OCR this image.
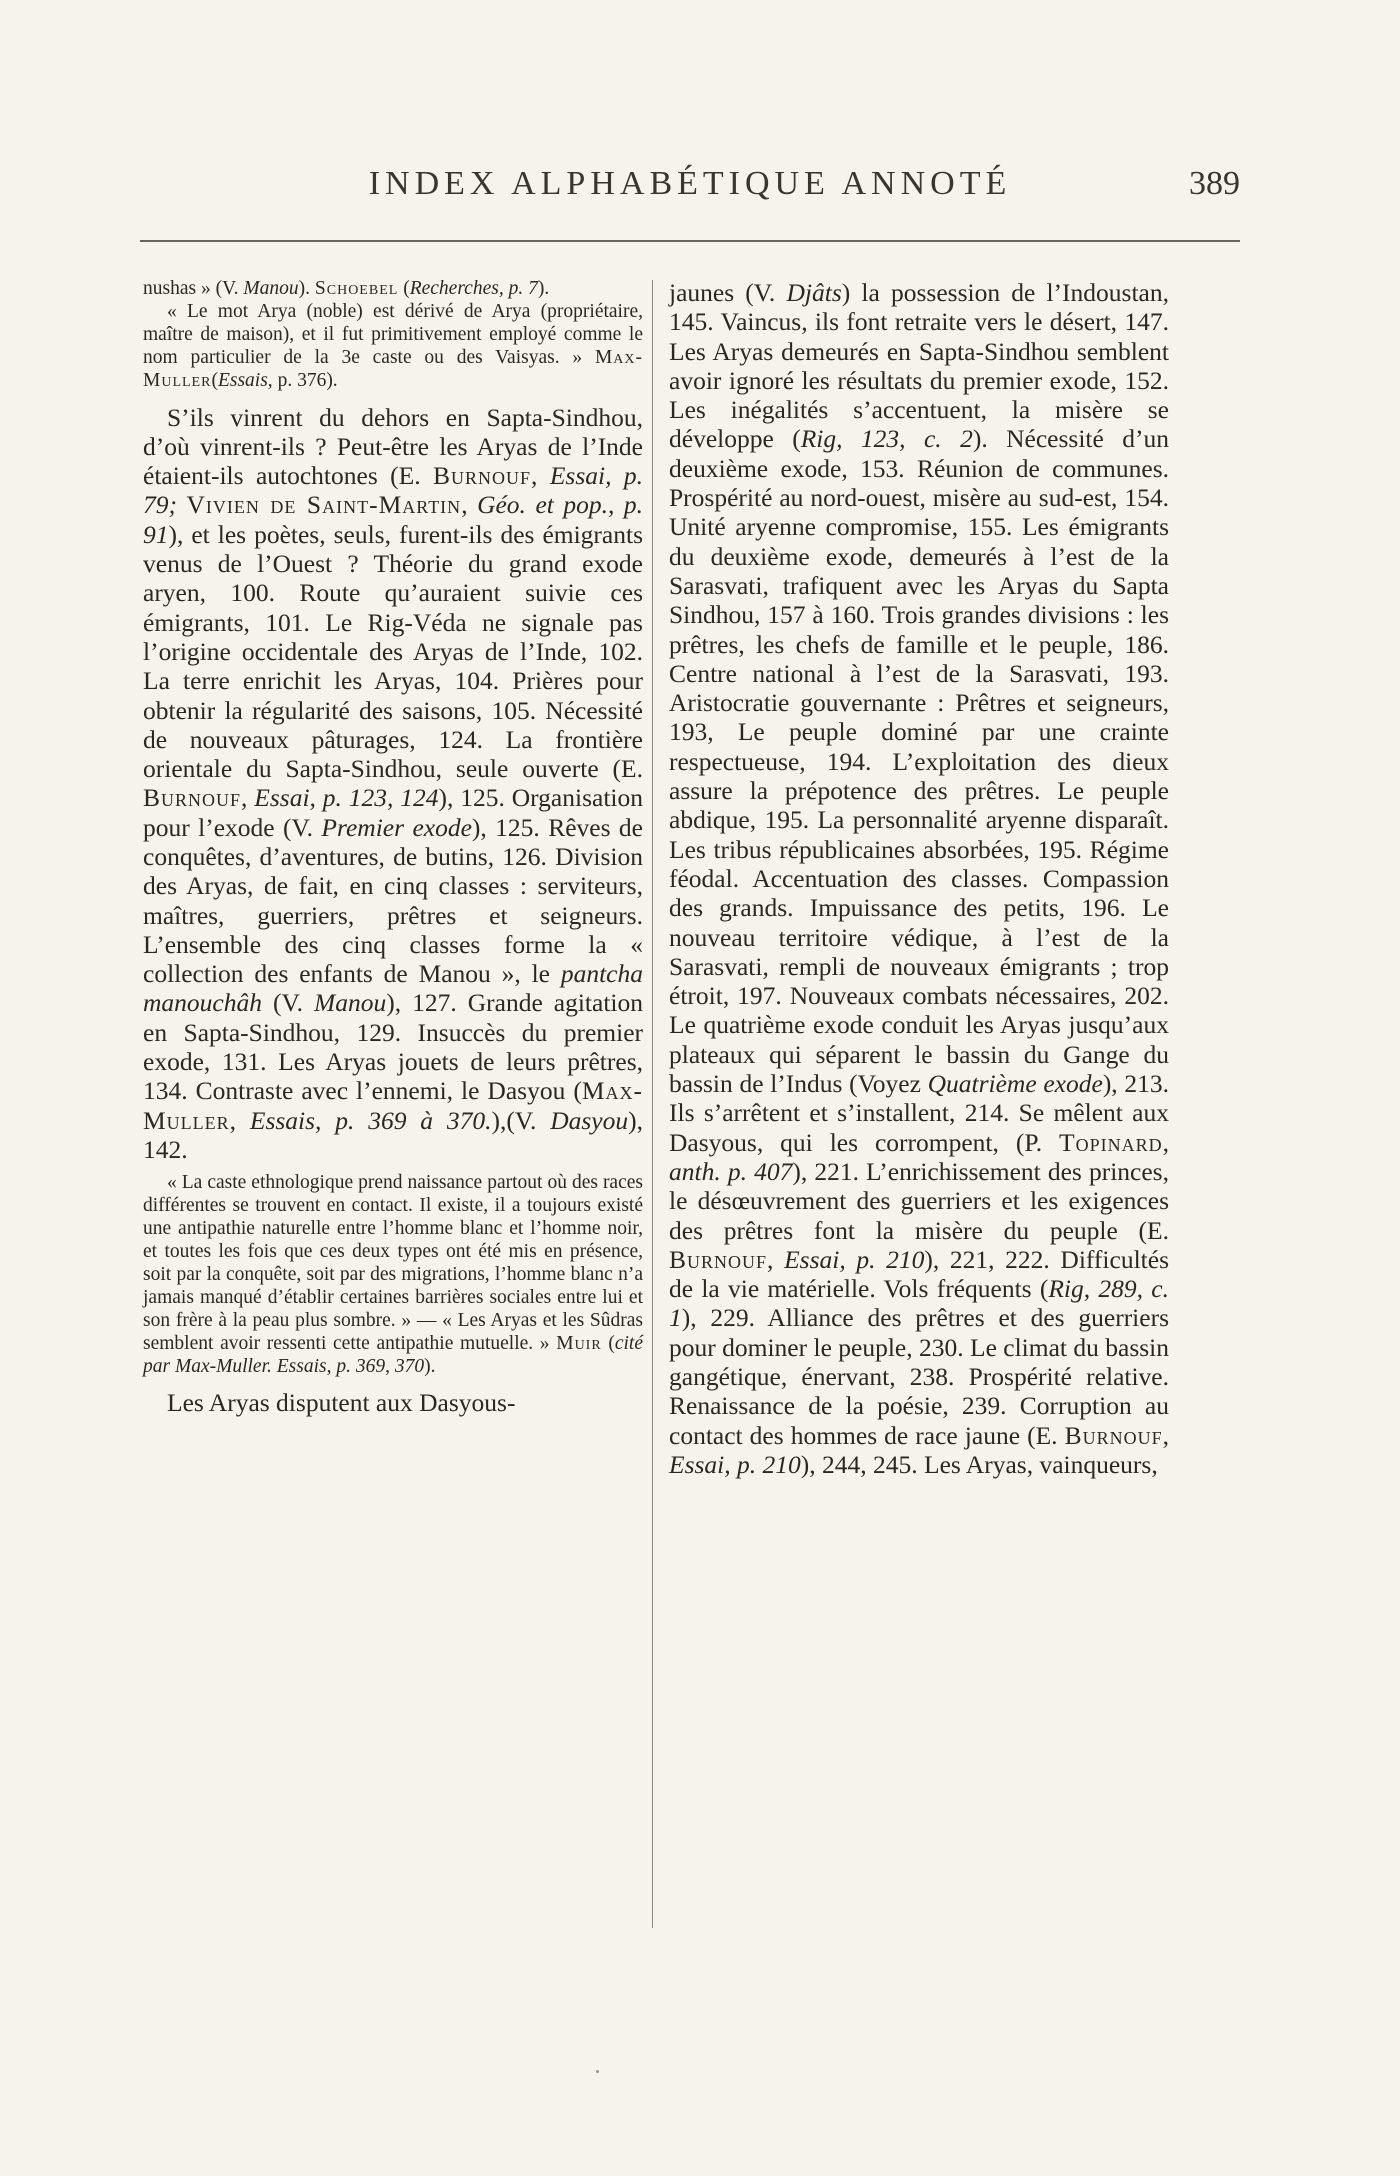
INDEX ALPHABÉTIQUE ANNOTÉ	389

nushas » (V. Manou). Schoebel (Recherches, p. 7).
« Le mot Arya (noble) est dérivé de Arya (propriétaire, maître de maison), et il fut primitivement employé comme le nom particulier de la 3e caste ou des Vaisyas. » Max-Muller(Essais, p. 376).

S’ils vinrent du dehors en Sapta-Sindhou, d’où vinrent-ils ? Peut-être les Aryas de l’Inde étaient-ils autochtones (E. Burnouf, Essai, p. 79; Vivien de Saint-Martin, Géo. et pop., p. 91), et les poètes, seuls, furent-ils des émigrants venus de l’Ouest ? Théorie du grand exode aryen, 100. Route qu’auraient suivie ces émigrants, 101. Le Rig-Véda ne signale pas l’origine occidentale des Aryas de l’Inde, 102. La terre enrichit les Aryas, 104. Prières pour obtenir la régularité des saisons, 105. Nécessité de nouveaux pâturages, 124. La frontière orientale du Sapta-Sindhou, seule ouverte (E. Burnouf, Essai, p. 123, 124), 125. Organisation pour l’exode (V. Premier exode), 125. Rêves de conquêtes, d’aventures, de butins, 126. Division des Aryas, de fait, en cinq classes : serviteurs, maîtres, guerriers, prêtres et seigneurs. L’ensemble des cinq classes forme la « collection des enfants de Manou », le pantcha manouchâh (V. Manou), 127. Grande agitation en Sapta-Sindhou, 129. Insuccès du premier exode, 131. Les Aryas jouets de leurs prêtres, 134. Contraste avec l’ennemi, le Dasyou (Max-Muller, Essais, p. 369 à 370.),(V. Dasyou), 142.

« La caste ethnologique prend naissance partout où des races différentes se trouvent en contact. Il existe, il a toujours existé une antipathie naturelle entre l’homme blanc et l’homme noir, et toutes les fois que ces deux types ont été mis en présence, soit par la conquête, soit par des migrations, l’homme blanc n’a jamais manqué d’établir certaines barrières sociales entre lui et son frère à la peau plus sombre. » — « Les Aryas et les Sûdras semblent avoir ressenti cette antipathie mutuelle. » Muir (cité par Max-Muller. Essais, p. 369, 370).

Les Aryas disputent aux Dasyous-

jaunes (V. Djâts) la possession de l’Indoustan, 145. Vaincus, ils font retraite vers le désert, 147. Les Aryas demeurés en Sapta-Sindhou semblent avoir ignoré les résultats du premier exode, 152. Les inégalités s’accentuent, la misère se développe (Rig, 123, c. 2). Nécessité d’un deuxième exode, 153. Réunion de communes. Prospérité au nord-ouest, misère au sud-est, 154. Unité aryenne compromise, 155. Les émigrants du deuxième exode, demeurés à l’est de la Sarasvati, trafiquent avec les Aryas du Sapta Sindhou, 157 à 160. Trois grandes divisions : les prêtres, les chefs de famille et le peuple, 186. Centre national à l’est de la Sarasvati, 193. Aristocratie gouvernante : Prêtres et seigneurs, 193, Le peuple dominé par une crainte respectueuse, 194. L’exploitation des dieux assure la prépotence des prêtres. Le peuple abdique, 195. La personnalité aryenne disparaît. Les tribus républicaines absorbées, 195. Régime féodal. Accentuation des classes. Compassion des grands. Impuissance des petits, 196. Le nouveau territoire védique, à l’est de la Sarasvati, rempli de nouveaux émigrants ; trop étroit, 197. Nouveaux combats nécessaires, 202. Le quatrième exode conduit les Aryas jusqu’aux plateaux qui séparent le bassin du Gange du bassin de l’Indus (Voyez Quatrième exode), 213. Ils s’arrêtent et s’installent, 214. Se mêlent aux Dasyous, qui les corrompent, (P. Topinard, anth. p. 407), 221. L’enrichissement des princes, le désœuvrement des guerriers et les exigences des prêtres font la misère du peuple (E. Burnouf, Essai, p. 210), 221, 222. Difficultés de la vie matérielle. Vols fréquents (Rig, 289, c. 1), 229. Alliance des prêtres et des guerriers pour dominer le peuple, 230. Le climat du bassin gangétique, énervant, 238. Prospérité relative. Renaissance de la poésie, 239. Corruption au contact des hommes de race jaune (E. Burnouf, Essai, p. 210), 244, 245. Les Aryas, vainqueurs,
